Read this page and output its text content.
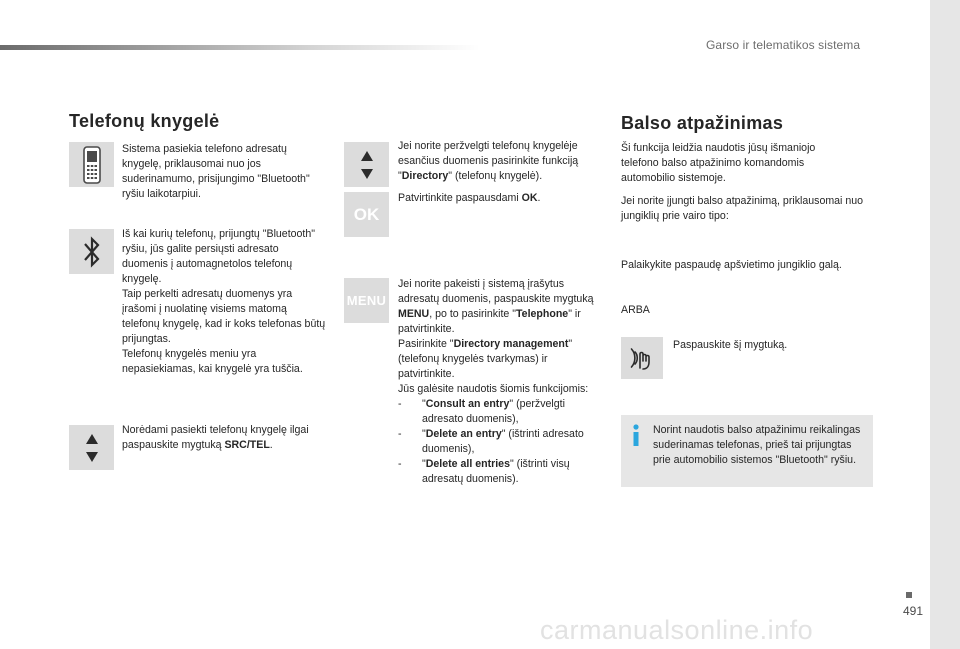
Garso ir telematikos sistema
Telefonų knygelė
Sistema pasiekia telefono adresatų knygelę, priklausomai nuo jos suderinamumo, prisijungimo "Bluetooth" ryšiu laikotarpiui.
Iš kai kurių telefonų, prijungtų "Bluetooth" ryšiu, jūs galite persiųsti adresato duomenis į automagnetolos telefonų knygelę.
Taip perkelti adresatų duomenys yra įrašomi į nuolatinę visiems matomą telefonų knygelę, kad ir koks telefonas būtų prijungtas.
Telefonų knygelės meniu yra nepasiekiamas, kai knygelė yra tuščia.
Norėdami pasiekti telefonų knygelę ilgai paspauskite mygtuką SRC/TEL.
Jei norite peržvelgti telefonų knygelėje esančius duomenis pasirinkite funkciją "Directory" (telefonų knygelė).
OK
Patvirtinkite paspausdami OK.
MENU
Jei norite pakeisti į sistemą įrašytus adresatų duomenis, paspauskite mygtuką MENU, po to pasirinkite "Telephone" ir patvirtinkite.
Pasirinkite "Directory management" (telefonų knygelės tvarkymas) ir patvirtinkite.
Jūs galėsite naudotis šiomis funkcijomis:
- "Consult an entry" (peržvelgti adresato duomenis),
- "Delete an entry" (ištrinti adresato duomenis),
- "Delete all entries" (ištrinti visų adresatų duomenis).
Balso atpažinimas
Ši funkcija leidžia naudotis jūsų išmaniojo telefono balso atpažinimo komandomis automobilio sistemoje.
Jei norite įjungti balso atpažinimą, priklausomai nuo jungiklių prie vairo tipo:
Palaikykite paspaudę apšvietimo jungiklio galą.
ARBA
Paspauskite šį mygtuką.
Norint naudotis balso atpažinimu reikalingas suderinamas telefonas, prieš tai prijungtas prie automobilio sistemos "Bluetooth" ryšiu.
491
carmanualsonline.info
